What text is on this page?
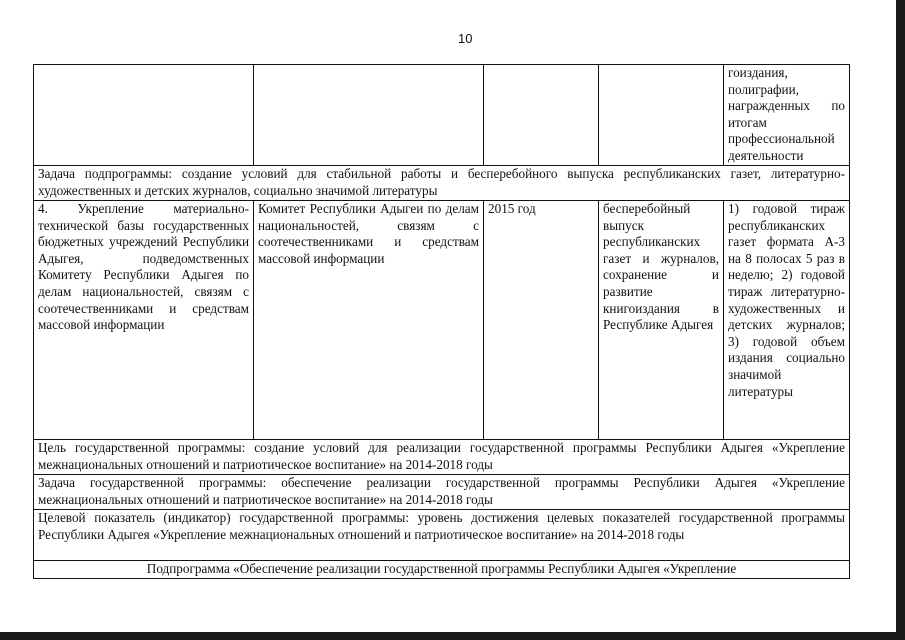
10
				гоиздания, полиграфии, награжденных по итогам профессиональной деятельности
Задача подпрограммы: создание условий для стабильной работы и бесперебойного выпуска республиканских газет, литературно-художественных и детских журналов, социально значимой литературы				
4. Укрепление материально-технической базы государственных бюджетных учреждений Республики Адыгея, подведомственных Комитету Республики Адыгея по делам национальностей, связям с соотечественниками и средствам массовой информации	Комитет Республики Адыгеи по делам национальностей, связям с соотечественниками и средствам массовой информации	2015 год	бесперебойный выпуск республиканских газет и журналов, сохранение и развитие книгоиздания в Республике Адыгея	1) годовой тираж республиканских газет формата А-3 на 8 полосах 5 раз в неделю; 2) годовой тираж литературно-художественных и детских журналов; 3) годовой объем издания социально значимой литературы
Цель государственной программы: создание условий для реализации государственной программы Республики Адыгея «Укрепление межнациональных отношений и патриотическое воспитание» на 2014-2018 годы				
Задача государственной программы: обеспечение реализации государственной программы Республики Адыгея «Укрепление межнациональных отношений и патриотическое воспитание» на 2014-2018 годы				
Целевой показатель (индикатор) государственной программы: уровень достижения целевых показателей государственной программы Республики Адыгея «Укрепление межнациональных отношений и патриотическое воспитание» на 2014-2018 годы				
Подпрограмма «Обеспечение реализации государственной программы Республики Адыгея «Укрепление				
